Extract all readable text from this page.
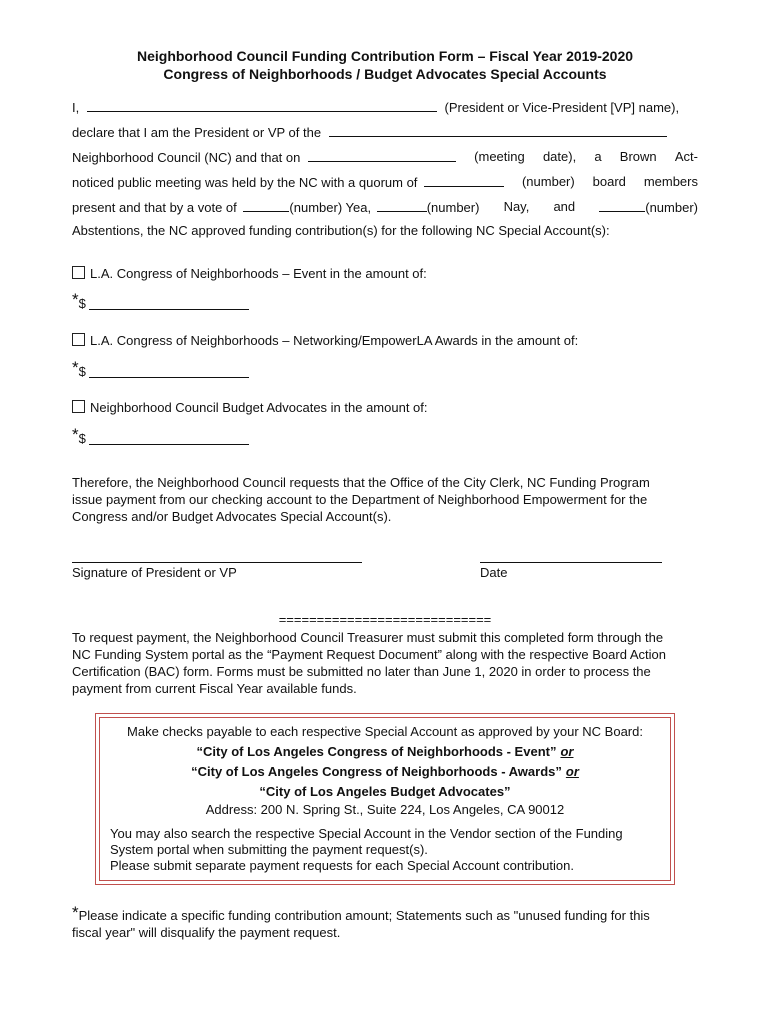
Neighborhood Council Funding Contribution Form – Fiscal Year 2019-2020
Congress of Neighborhoods / Budget Advocates Special Accounts
I,	(President or Vice-President [VP] name),
declare that I am the President or VP of the
Neighborhood Council (NC) and that on	(meeting date), a Brown Act-
noticed public meeting was held by the NC with a quorum of	(number) board members
present and that by a vote of	(number) Yea,	(number) Nay, and	(number)
Abstentions, the NC approved funding contribution(s) for the following NC Special Account(s):
L.A. Congress of Neighborhoods – Event in the amount of:
*$
L.A. Congress of Neighborhoods – Networking/EmpowerLA Awards in the amount of:
*$
Neighborhood Council Budget Advocates in the amount of:
*$
Therefore, the Neighborhood Council requests that the Office of the City Clerk, NC Funding Program
issue payment from our checking account to the Department of Neighborhood Empowerment for the
Congress and/or Budget Advocates Special Account(s).
Signature of President or VP	Date
============================
To request payment, the Neighborhood Council Treasurer must submit this completed form through the
NC Funding System portal as the “Payment Request Document” along with the respective Board Action
Certification (BAC) form. Forms must be submitted no later than June 1, 2020 in order to process the
payment from current Fiscal Year available funds.
Make checks payable to each respective Special Account as approved by your NC Board:
“City of Los Angeles Congress of Neighborhoods - Event” or
“City of Los Angeles Congress of Neighborhoods - Awards” or
“City of Los Angeles Budget Advocates”
Address: 200 N. Spring St., Suite 224, Los Angeles, CA 90012
You may also search the respective Special Account in the Vendor section of the Funding
System portal when submitting the payment request(s).
Please submit separate payment requests for each Special Account contribution.
*Please indicate a specific funding contribution amount; Statements such as "unused funding for this
fiscal year" will disqualify the payment request.
